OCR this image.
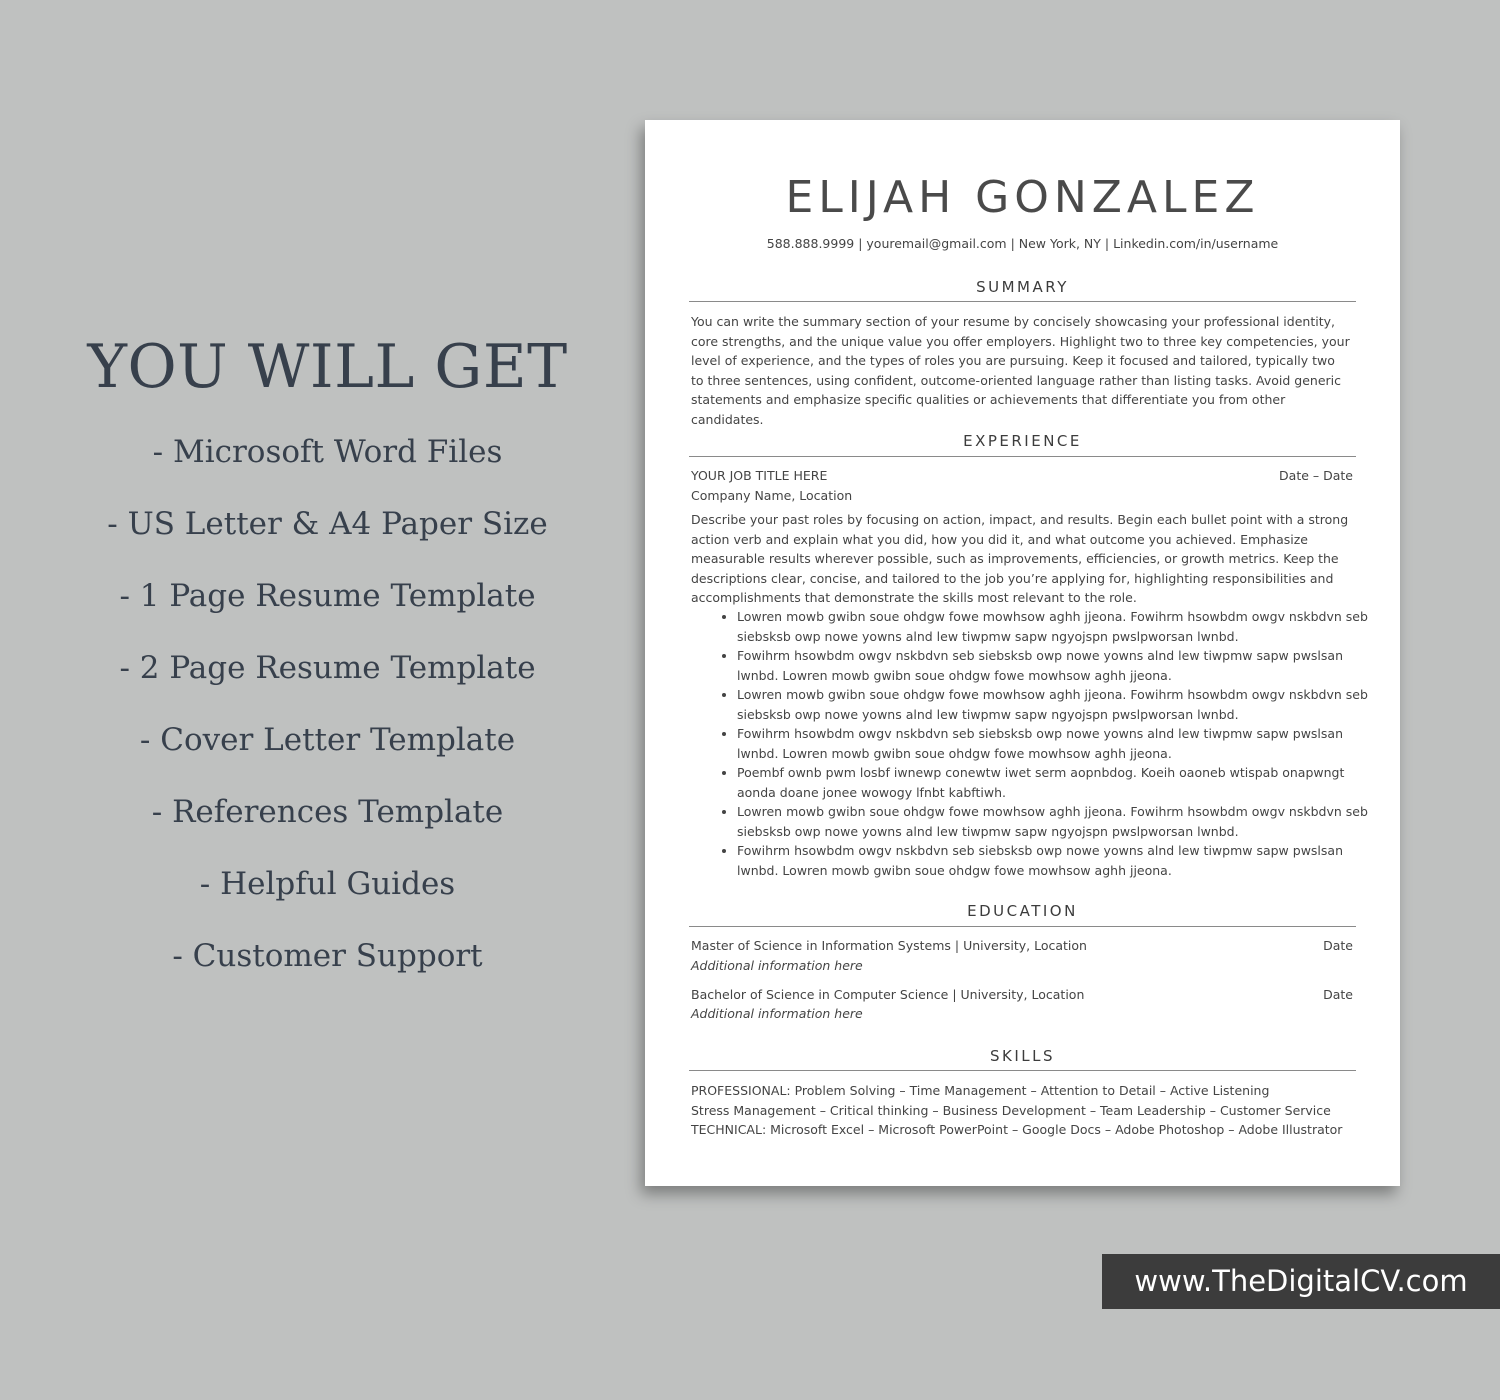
YOU WILL GET
- Microsoft Word Files
- US Letter & A4 Paper Size
- 1 Page Resume Template
- 2 Page Resume Template
- Cover Letter Template
- References Template
- Helpful Guides
- Customer Support
ELIJAH GONZALEZ
588.888.9999 | youremail@gmail.com | New York, NY | Linkedin.com/in/username
SUMMARY

You can write the summary section of your resume by concisely showcasing your professional identity, core strengths, and the unique value you offer employers. Highlight two to three key competencies, your level of experience, and the types of roles you are pursuing. Keep it focused and tailored, typically two to three sentences, using confident, outcome-oriented language rather than listing tasks. Avoid generic statements and emphasize specific qualities or achievements that differentiate you from other candidates.

EXPERIENCE
YOUR JOB TITLE HERE	Date – Date
Company Name, Location

Describe your past roles by focusing on action, impact, and results. Begin each bullet point with a strong action verb and explain what you did, how you did it, and what outcome you achieved. Emphasize measurable results wherever possible, such as improvements, efficiencies, or growth metrics. Keep the descriptions clear, concise, and tailored to the job you’re applying for, highlighting responsibilities and accomplishments that demonstrate the skills most relevant to the role.

• Lowren mowb gwibn soue ohdgw fowe mowhsow aghh jjeona. Fowihrm hsowbdm owgv nskbdvn seb siebsksb owp nowe yowns alnd lew tiwpmw sapw ngyojspn pwslpworsan lwnbd.
• Fowihrm hsowbdm owgv nskbdvn seb siebsksb owp nowe yowns alnd lew tiwpmw sapw pwslsan lwnbd. Lowren mowb gwibn soue ohdgw fowe mowhsow aghh jjeona.
• Lowren mowb gwibn soue ohdgw fowe mowhsow aghh jjeona. Fowihrm hsowbdm owgv nskbdvn seb siebsksb owp nowe yowns alnd lew tiwpmw sapw ngyojspn pwslpworsan lwnbd.
• Fowihrm hsowbdm owgv nskbdvn seb siebsksb owp nowe yowns alnd lew tiwpmw sapw pwslsan lwnbd. Lowren mowb gwibn soue ohdgw fowe mowhsow aghh jjeona.
• Poembf ownb pwm losbf iwnewp conewtw iwet serm aopnbdog. Koeih oaoneb wtispab onapwngt aonda doane jonee wowogy lfnbt kabftiwh.
• Lowren mowb gwibn soue ohdgw fowe mowhsow aghh jjeona. Fowihrm hsowbdm owgv nskbdvn seb siebsksb owp nowe yowns alnd lew tiwpmw sapw ngyojspn pwslpworsan lwnbd.
• Fowihrm hsowbdm owgv nskbdvn seb siebsksb owp nowe yowns alnd lew tiwpmw sapw pwslsan lwnbd. Lowren mowb gwibn soue ohdgw fowe mowhsow aghh jjeona.
EDUCATION
Master of Science in Information Systems | University, Location	Date
Additional information here
Bachelor of Science in Computer Science | University, Location	Date
Additional information here
SKILLS
PROFESSIONAL: Problem Solving – Time Management – Attention to Detail – Active Listening
Stress Management – Critical thinking – Business Development – Team Leadership – Customer Service
TECHNICAL: Microsoft Excel – Microsoft PowerPoint – Google Docs – Adobe Photoshop – Adobe Illustrator
www.TheDigitalCV.com
